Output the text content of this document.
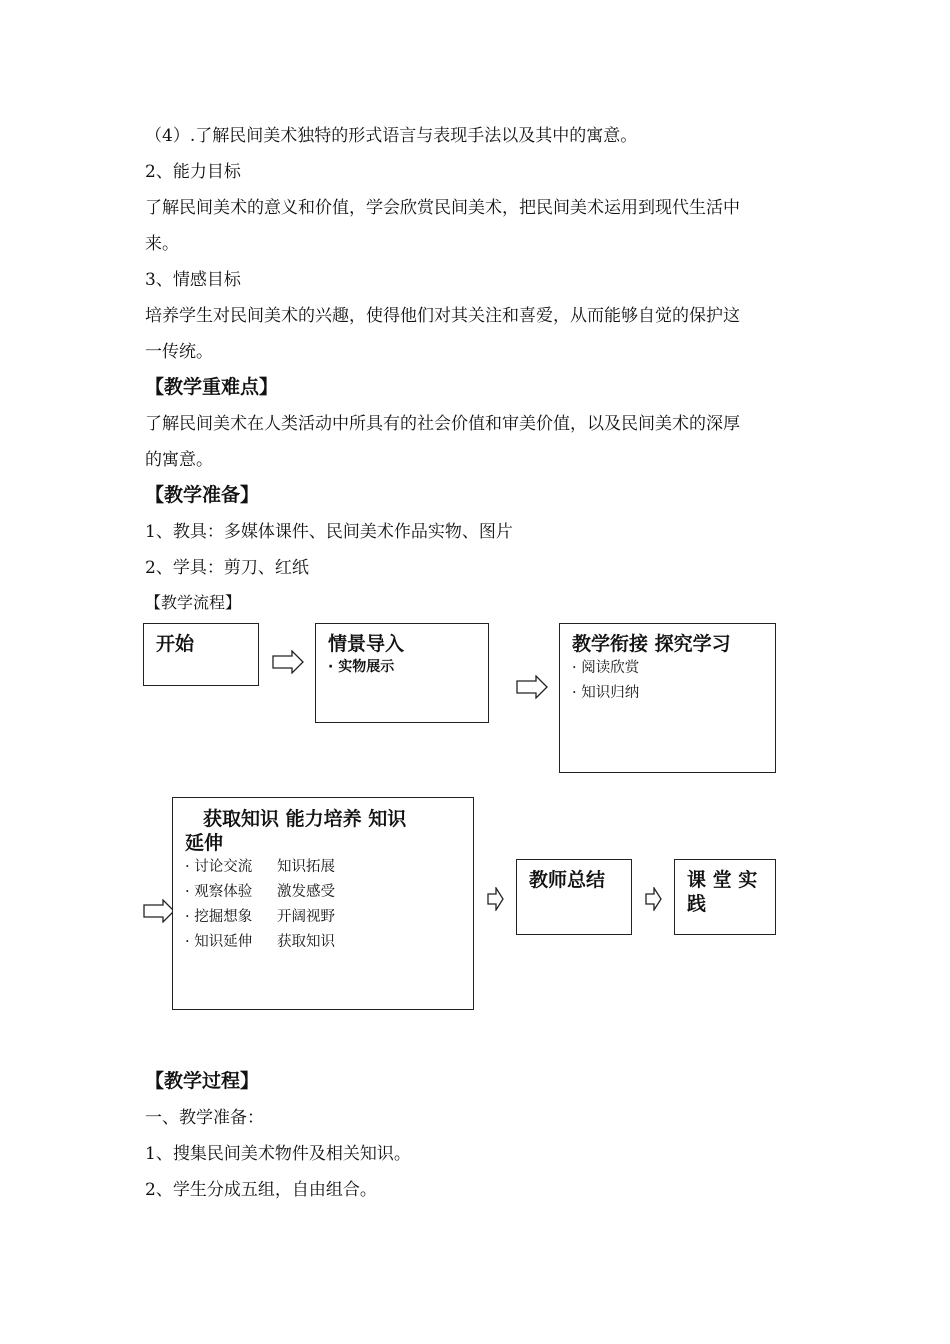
（4）.了解民间美术独特的形式语言与表现手法以及其中的寓意。
2、能力目标
了解民间美术的意义和价值，学会欣赏民间美术，把民间美术运用到现代生活中
来。
3、情感目标
培养学生对民间美术的兴趣，使得他们对其关注和喜爱，从而能够自觉的保护这
一传统。
【教学重难点】
了解民间美术在人类活动中所具有的社会价值和审美价值，以及民间美术的深厚
的寓意。
【教学准备】
1、教具：多媒体课件、民间美术作品实物、图片
2、学具：剪刀、红纸
【教学流程】
开始	情景导入
· 实物展示
教学衔接 探究学习
· 阅读欣赏
· 知识归纳
获取知识 能力培养 知识
延伸
· 讨论交流	知识拓展
· 观察体验	激发感受
· 挖掘想象	开阔视野
· 知识延伸	获取知识
教师总结	课 堂 实
践
【教学过程】
一、教学准备：
1、搜集民间美术物件及相关知识。
2、学生分成五组，自由组合。
